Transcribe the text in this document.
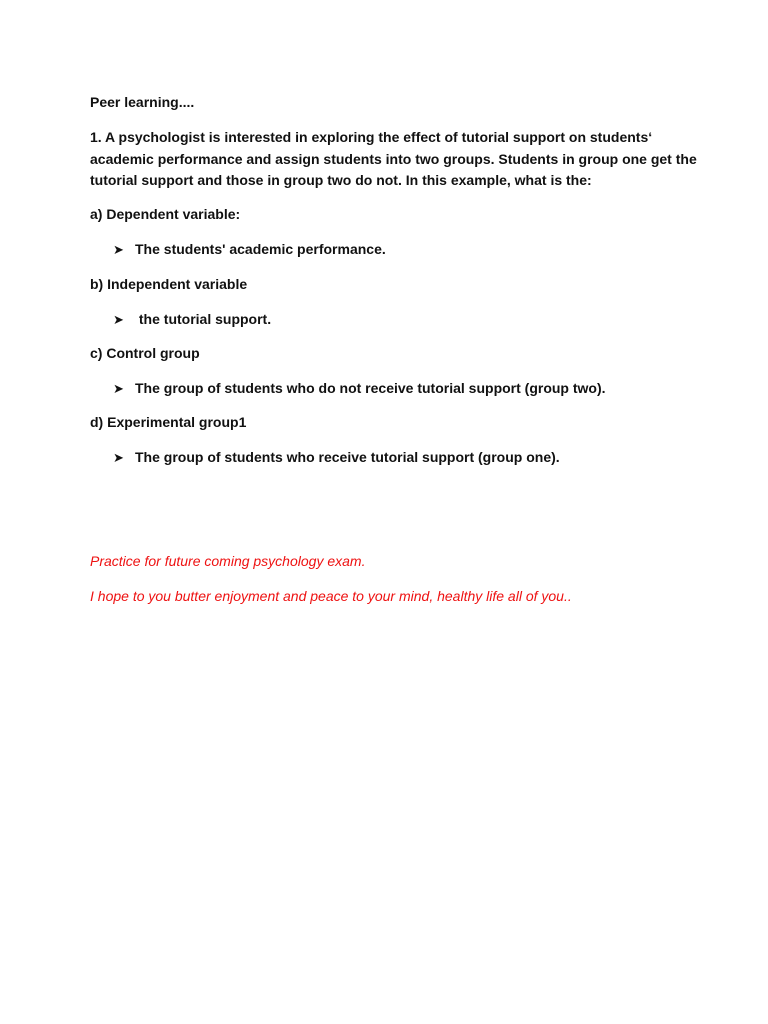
Peer learning....
1. A psychologist is interested in exploring the effect of tutorial support on students‘
academic performance and assign students into two groups. Students in group one get the
tutorial support and those in group two do not. In this example, what is the:
a) Dependent variable:
➤ The students' academic performance.
b) Independent variable
➤ the tutorial support.
c) Control group
➤ The group of students who do not receive tutorial support (group two).
d) Experimental group1
➤ The group of students who receive tutorial support (group one).
Practice for future coming psychology exam.
I hope to you butter enjoyment and peace to your mind, healthy life all of you..
